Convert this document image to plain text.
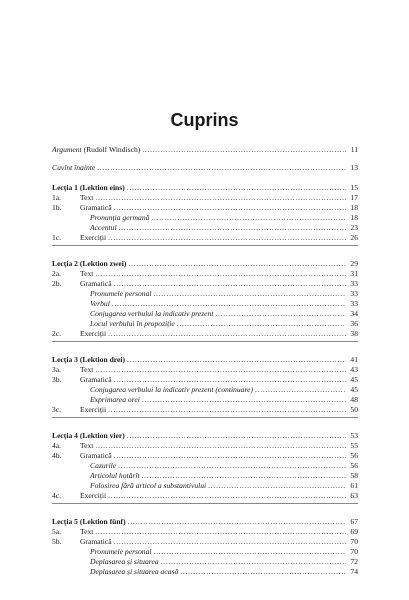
Cuprins
Argument (Rudolf Windisch) . . .	11
Cuvînt înainte . . .	13
Lecția 1 (Lektion eins) . . .	15
1a.	Text . . .	17
1b.	Gramatică . . .	18
Pronunția germană . . .	18
Accentul . . .	23
1c.	Exerciții . . .	26
Lecția 2 (Lektion zwei) . . .	29
2a.	Text . . .	31
2b.	Gramatică . . .	33
Pronumele personal . . .	33
Verbul . . .	33
Conjugarea verbului la indicativ prezent . . .	34
Locul verbului în propoziție . . .	36
2c.	Exerciții . . .	38
Lecția 3 (Lektion drei) . . .	41
3a.	Text . . .	43
3b.	Gramatică . . .	45
Conjugarea verbului la indicativ prezent (continuare) . . .	45
Exprimarea orei . . .	48
3c.	Exerciții . . .	50
Lecția 4 (Lektion vier) . . .	53
4a.	Text . . .	55
4b.	Gramatică . . .	56
Cazurile . . .	56
Articolul hotărît . . .	58
Folosirea fără articol a substantivului . . .	61
4c.	Exerciții . . .	63
Lecția 5 (Lektion fünf) . . .	67
5a.	Text . . .	69
5b.	Gramatică . . .	70
Pronumele personal . . .	70
Deplasarea și situarea . . .	72
Deplasarea și situarea acasă . . .	74
